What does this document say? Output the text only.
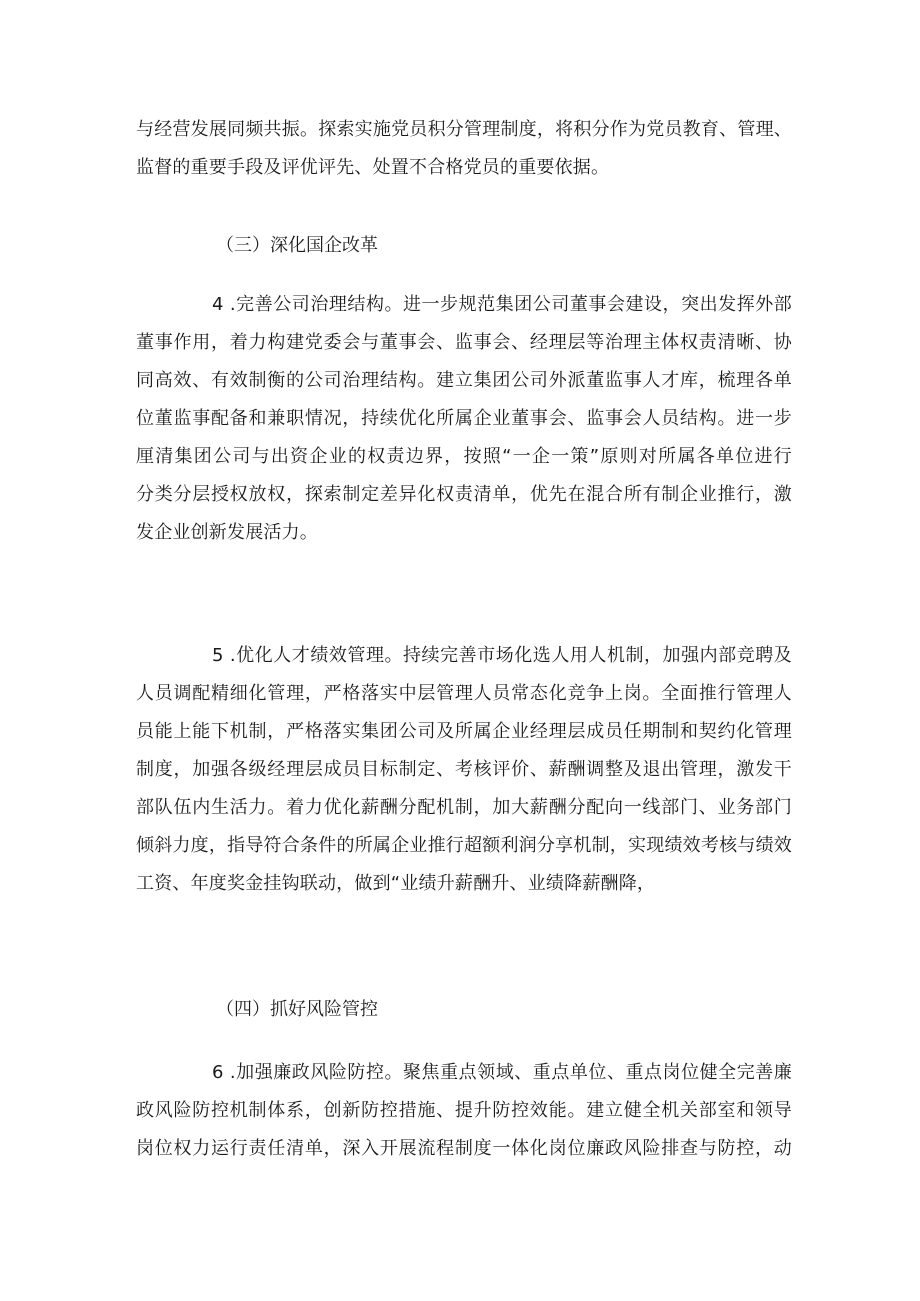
与经营发展同频共振。探索实施党员积分管理制度，将积分作为党员教育、管理、
监督的重要手段及评优评先、处置不合格党员的重要依据。

（三）深化国企改革

4 .完善公司治理结构。进一步规范集团公司董事会建设，突出发挥外部
董事作用，着力构建党委会与董事会、监事会、经理层等治理主体权责清晰、协
同高效、有效制衡的公司治理结构。建立集团公司外派董监事人才库，梳理各单
位董监事配备和兼职情况，持续优化所属企业董事会、监事会人员结构。进一步
厘清集团公司与出资企业的权责边界，按照“一企一策”原则对所属各单位进行
分类分层授权放权，探索制定差异化权责清单，优先在混合所有制企业推行，激
发企业创新发展活力。
5 .优化人才绩效管理。持续完善市场化选人用人机制，加强内部竞聘及
人员调配精细化管理，严格落实中层管理人员常态化竞争上岗。全面推行管理人
员能上能下机制，严格落实集团公司及所属企业经理层成员任期制和契约化管理
制度，加强各级经理层成员目标制定、考核评价、薪酬调整及退出管理，激发干
部队伍内生活力。着力优化薪酬分配机制，加大薪酬分配向一线部门、业务部门
倾斜力度，指导符合条件的所属企业推行超额利润分享机制，实现绩效考核与绩效
工资、年度奖金挂钩联动，做到“业绩升薪酬升、业绩降薪酬降，

（四）抓好风险管控

6 .加强廉政风险防控。聚焦重点领域、重点单位、重点岗位健全完善廉
政风险防控机制体系，创新防控措施、提升防控效能。建立健全机关部室和领导
岗位权力运行责任清单，深入开展流程制度一体化岗位廉政风险排查与防控，动
